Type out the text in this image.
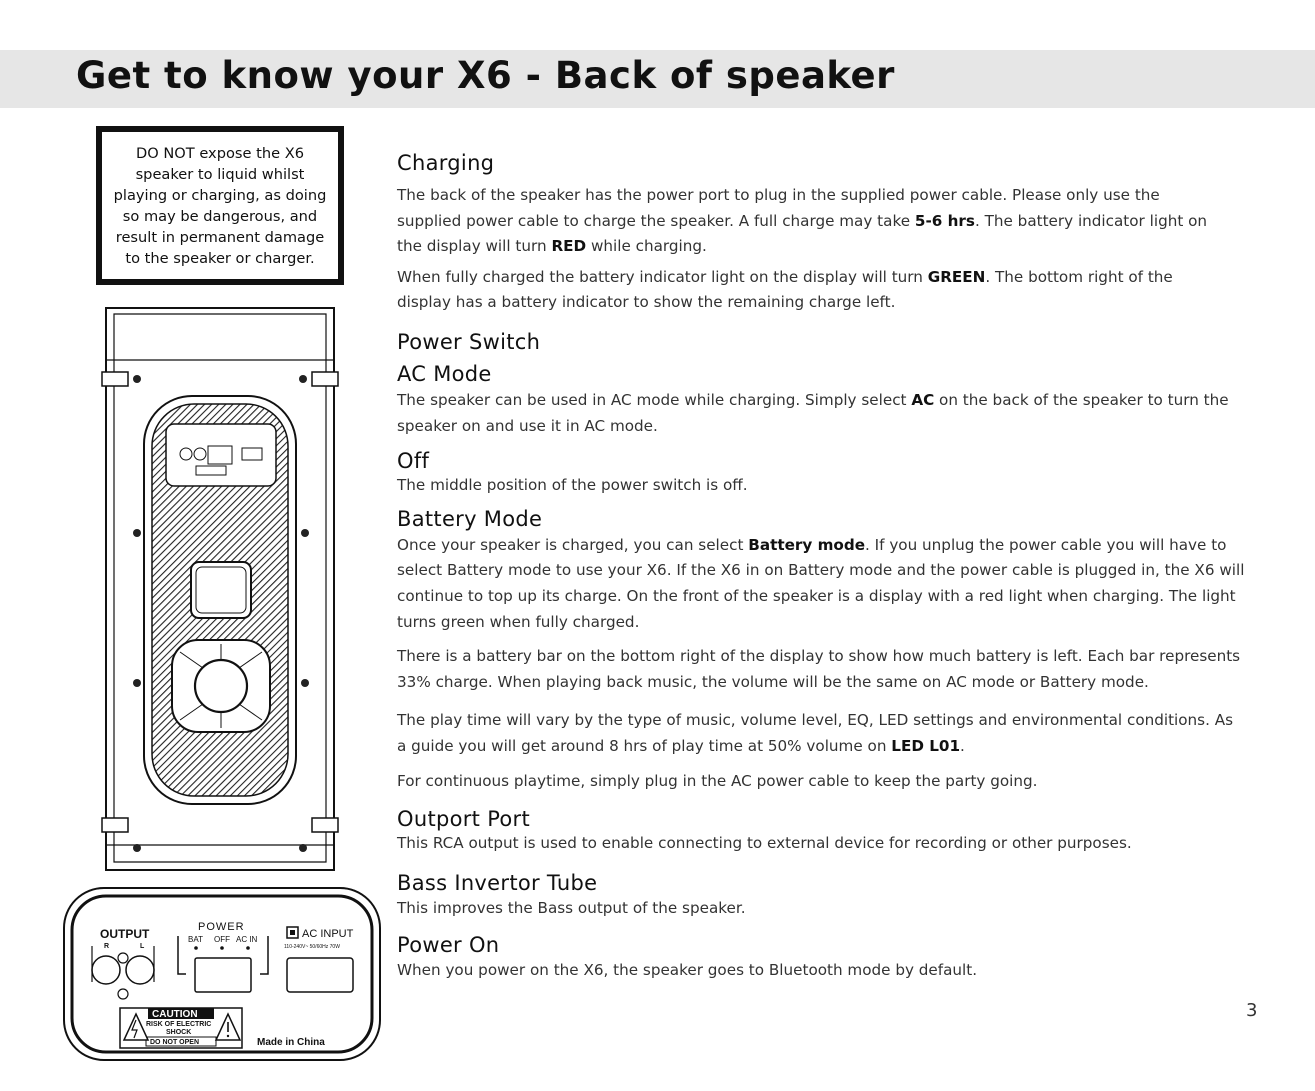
Get to know your X6 - Back of speaker
DO NOT expose the X6
speaker to liquid whilst
playing or charging, as doing
so may be dangerous, and
result in permanent damage
to the speaker or charger.
OUTPUT
R	L
POWER
BAT OFF AC IN	AC INPUT
110-240V~ 50/60Hz 70W
CAUTION
RISK OF ELECTRIC
SHOCK
DO NOT OPEN	Made in China
Charging

The back of the speaker has the power port to plug in the supplied power cable. Please only use the supplied power cable to charge the speaker. A full charge may take 5-6 hrs. The battery indicator light on the display will turn RED while charging.

When fully charged the battery indicator light on the display will turn GREEN. The bottom right of the display has a battery indicator to show the remaining charge left.

Power Switch
AC Mode

The speaker can be used in AC mode while charging. Simply select AC on the back of the speaker to turn the speaker on and use it in AC mode.

Off

The middle position of the power switch is off.

Battery Mode

Once your speaker is charged, you can select Battery mode. If you unplug the power cable you will have to select Battery mode to use your X6. If the X6 in on Battery mode and the power cable is plugged in, the X6 will continue to top up its charge. On the front of the speaker is a display with a red light when charging. The light turns green when fully charged.

There is a battery bar on the bottom right of the display to show how much battery is left. Each bar represents 33% charge. When playing back music, the volume will be the same on AC mode or Battery mode.

The play time will vary by the type of music, volume level, EQ, LED settings and environmental conditions. As a guide you will get around 8 hrs of play time at 50% volume on LED L01.

For continuous playtime, simply plug in the AC power cable to keep the party going.

Outport Port

This RCA output is used to enable connecting to external device for recording or other purposes.

Bass Invertor Tube

This improves the Bass output of the speaker.

Power On

When you power on the X6, the speaker goes to Bluetooth mode by default.

3
